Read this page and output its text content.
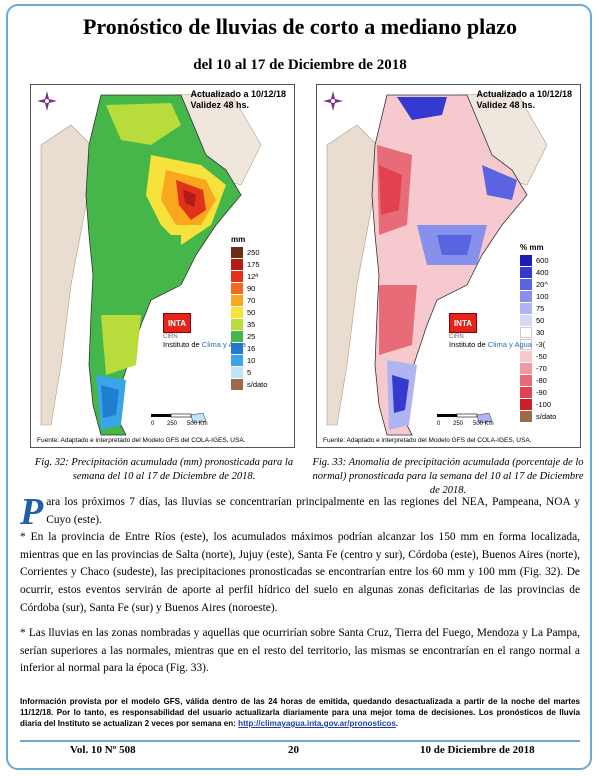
Pronóstico de lluvias de corto a mediano plazo
del 10 al 17 de Diciembre de 2018
Actualizado a 10/12/18
Validez 48 hs.
mm
250
175
12ª
90
70
50
35
25
16
10
5
s/dato
INTA
CIRN
Instituto de Clima y Agua
0 250 500 Km
Fuente: Adaptado e interpretado del Modelo GFS del COLA-IGES, USA.
Actualizado a 10/12/18
Validez 48 hs.
% mm
600
400
20^
100
75
50
30
-3(
-50
-70
-80
-90
-100
s/dato
INTA
CIRN
Instituto de Clima y Agua
0 250 500 Km
Fuente: Adaptado e interpretado del Modelo GFS del COLA-IGES, USA.
Fig. 32: Precipitación acumulada (mm) pronosticada para la semana del 10 al 17 de Diciembre de 2018.
Fig. 33: Anomalía de precipitación acumulada (porcentaje de lo normal) pronosticada para la semana del 10 al 17 de Diciembre de 2018.

Para los próximos 7 días, las lluvias se concentrarían principalmente en las regiones del NEA, Pampeana, NOA y Cuyo (este).

* En la provincia de Entre Ríos (este), los acumulados máximos podrían alcanzar los 150 mm en forma localizada, mientras que en las provincias de Salta (norte), Jujuy (este), Santa Fe (centro y sur), Córdoba (este), Buenos Aires (norte), Corrientes y Chaco (sudeste), las precipitaciones pronosticadas se encontrarían entre los 60 mm y 100 mm (Fig. 32). De ocurrir, estos eventos servirán de aporte al perfil hídrico del suelo en algunas zonas deficitarias de las provincias de Córdoba (sur), Santa Fe (sur) y Buenos Aires (noroeste).

* Las lluvias en las zonas nombradas y aquellas que ocurrirían sobre Santa Cruz, Tierra del Fuego, Mendoza y La Pampa, serían superiores a las normales, mientras que en el resto del territorio, las mismas se encontrarían en el rango normal a inferior al normal para la época (Fig. 33).

Información provista por el modelo GFS, válida dentro de las 24 horas de emitida, quedando desactualizada a partir de la noche del martes 11/12/18. Por lo tanto, es responsabilidad del usuario actualizarla diariamente para una mejor toma de decisiones. Los pronósticos de lluvia diaria del Instituto se actualizan 2 veces por semana en: http://climayagua.inta.gov.ar/pronosticos.
Vol. 10 Nº 508	20	10 de Diciembre de 2018
